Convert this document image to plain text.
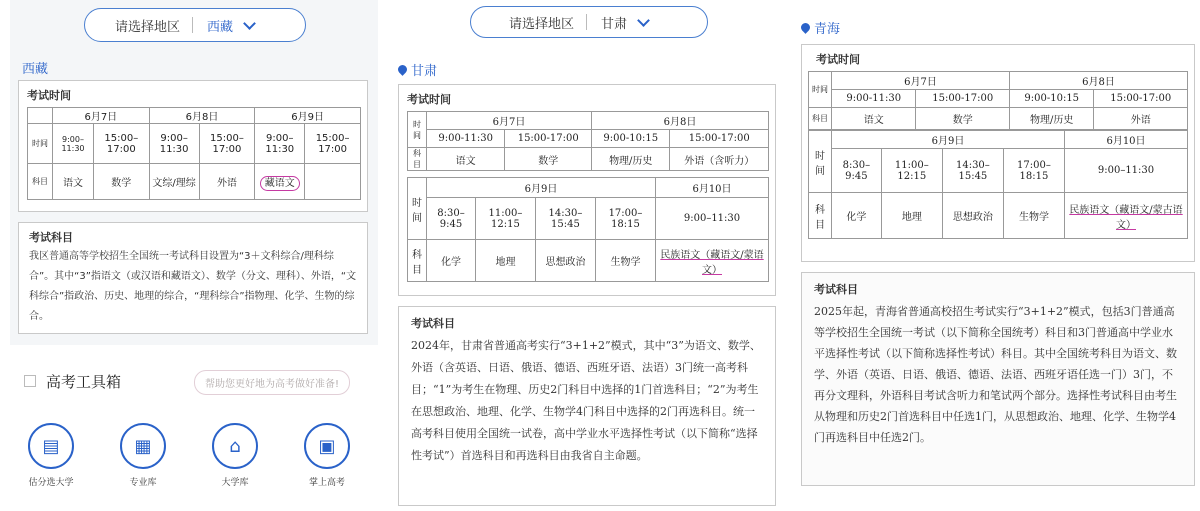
请选择地区	西藏
西藏
考试时间
	6月7日		6月8日		6月9日	
时间	9:00–11:30	15:00–17:00	9:00–11:30	15:00–17:00	9:00–11:30	15:00–17:00
科目	语文	数学	文综/理综	外语	藏语文	
考试科目
我区普通高等学校招生全国统一考试科目设置为“3＋文科综合/理科综合”。其中“3”指语文（或汉语和藏语文）、数学（分文、理科）、外语，“文科综合”指政治、历史、地理的综合，“理科综合”指物理、化学、生物的综合。
高考工具箱	帮助您更好地为高考做好准备!
▤
估分选大学
▦
专业库
⌂
大学库
▣
掌上高考
请选择地区	甘肃
甘肃
考试时间
时间	6月7日		6月8日	
	9:00-11:30	15:00-17:00	9:00-10:15	15:00-17:00
科目	语文	数学	物理/历史	外语（含听力）
时间	6月9日				6月10日
	8:30–9:45	11:00–12:15	14:30–15:45	17:00–18:15	9:00–11:30
科目	化学	地理	思想政治	生物学	民族语文（藏语文/蒙语文）
考试科目
2024年，甘肃省普通高考实行“3+1+2”模式，其中“3”为语文、数学、外语（含英语、日语、俄语、德语、西班牙语、法语）3门统一高考科目；“1”为考生在物理、历史2门科目中选择的1门首选科目；“2”为考生在思想政治、地理、化学、生物学4门科目中选择的2门再选科目。统一高考科目使用全国统一试卷，高中学业水平选择性考试（以下简称“选择性考试”）首选科目和再选科目由我省自主命题。
青海
考试时间
时间	6月7日		6月8日	
	9:00-11:30	15:00-17:00	9:00-10:15	15:00-17:00
科目	语文	数学	物理/历史	外语
时间	6月9日				6月10日
	8:30–9:45	11:00–12:15	14:30–15:45	17:00–18:15	9:00–11:30
科目	化学	地理	思想政治	生物学	民族语文（藏语文/蒙古语文）
考试科目
2025年起，青海省普通高校招生考试实行“3+1+2”模式，包括3门普通高等学校招生全国统一考试（以下简称全国统考）科目和3门普通高中学业水平选择性考试（以下简称选择性考试）科目。其中全国统考科目为语文、数学、外语（英语、日语、俄语、德语、法语、西班牙语任选一门）3门，不再分文理科，外语科目考试含听力和笔试两个部分。选择性考试科目由考生从物理和历史2门首选科目中任选1门，从思想政治、地理、化学、生物学4门再选科目中任选2门。
